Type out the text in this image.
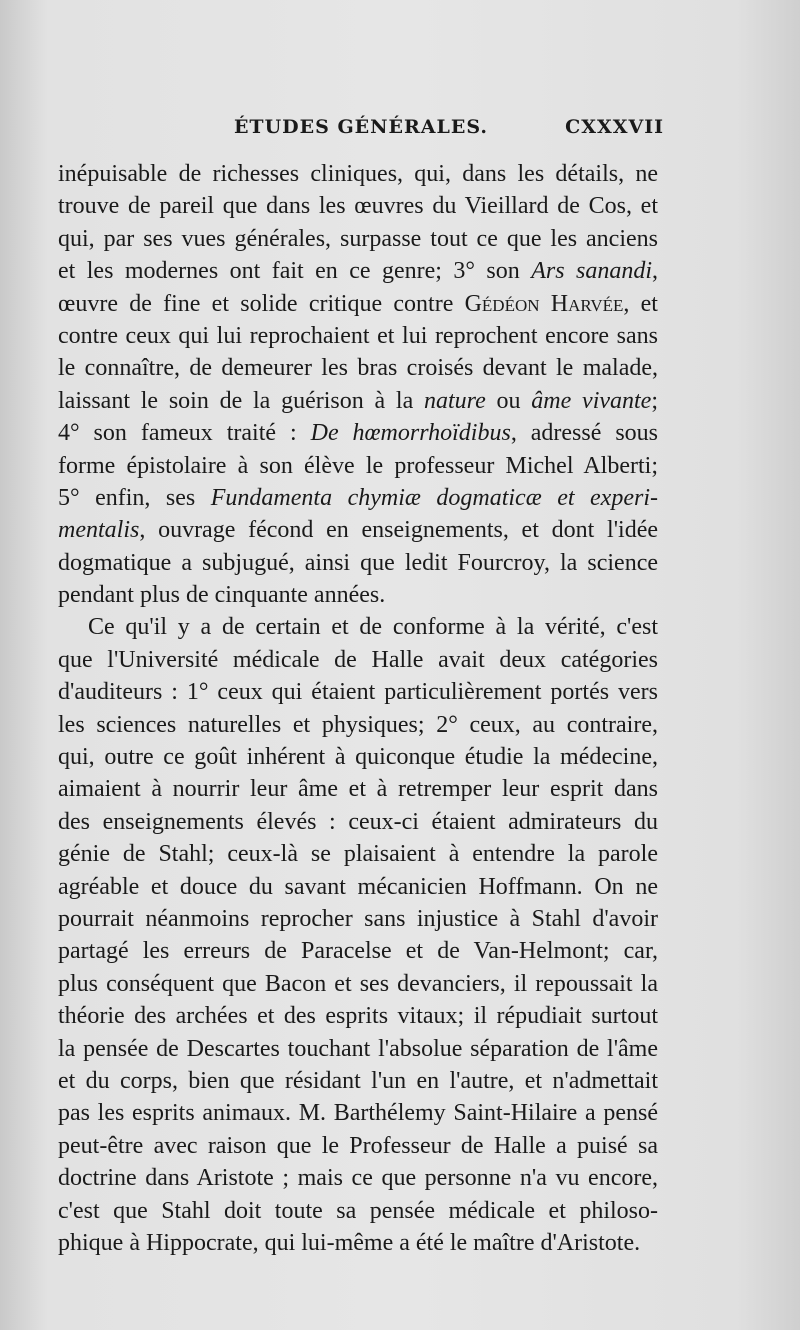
ÉTUDES GÉNÉRALES.	CXXXVII
inépuisable de richesses cliniques, qui, dans les détails, ne
trouve de pareil que dans les œuvres du Vieillard de Cos, et
qui, par ses vues générales, surpasse tout ce que les anciens
et les modernes ont fait en ce genre; 3° son Ars sanandi,
œuvre de fine et solide critique contre Gédéon Harvée, et
contre ceux qui lui reprochaient et lui reprochent encore sans
le connaître, de demeurer les bras croisés devant le malade,
laissant le soin de la guérison à la nature ou âme vivante;
4° son fameux traité : De hœmorrhoïdibus, adressé sous
forme épistolaire à son élève le professeur Michel Alberti;
5° enfin, ses Fundamenta chymiæ dogmaticæ et experi-
mentalis, ouvrage fécond en enseignements, et dont l'idée
dogmatique a subjugué, ainsi que ledit Fourcroy, la science
pendant plus de cinquante années.
Ce qu'il y a de certain et de conforme à la vérité, c'est
que l'Université médicale de Halle avait deux catégories
d'auditeurs : 1° ceux qui étaient particulièrement portés vers
les sciences naturelles et physiques; 2° ceux, au contraire,
qui, outre ce goût inhérent à quiconque étudie la médecine,
aimaient à nourrir leur âme et à retremper leur esprit dans
des enseignements élevés : ceux-ci étaient admirateurs du
génie de Stahl; ceux-là se plaisaient à entendre la parole
agréable et douce du savant mécanicien Hoffmann. On ne
pourrait néanmoins reprocher sans injustice à Stahl d'avoir
partagé les erreurs de Paracelse et de Van-Helmont; car,
plus conséquent que Bacon et ses devanciers, il repoussait la
théorie des archées et des esprits vitaux; il répudiait surtout
la pensée de Descartes touchant l'absolue séparation de l'âme
et du corps, bien que résidant l'un en l'autre, et n'admettait
pas les esprits animaux. M. Barthélemy Saint-Hilaire a pensé
peut-être avec raison que le Professeur de Halle a puisé sa
doctrine dans Aristote ; mais ce que personne n'a vu encore,
c'est que Stahl doit toute sa pensée médicale et philoso-
phique à Hippocrate, qui lui-même a été le maître d'Aristote.
